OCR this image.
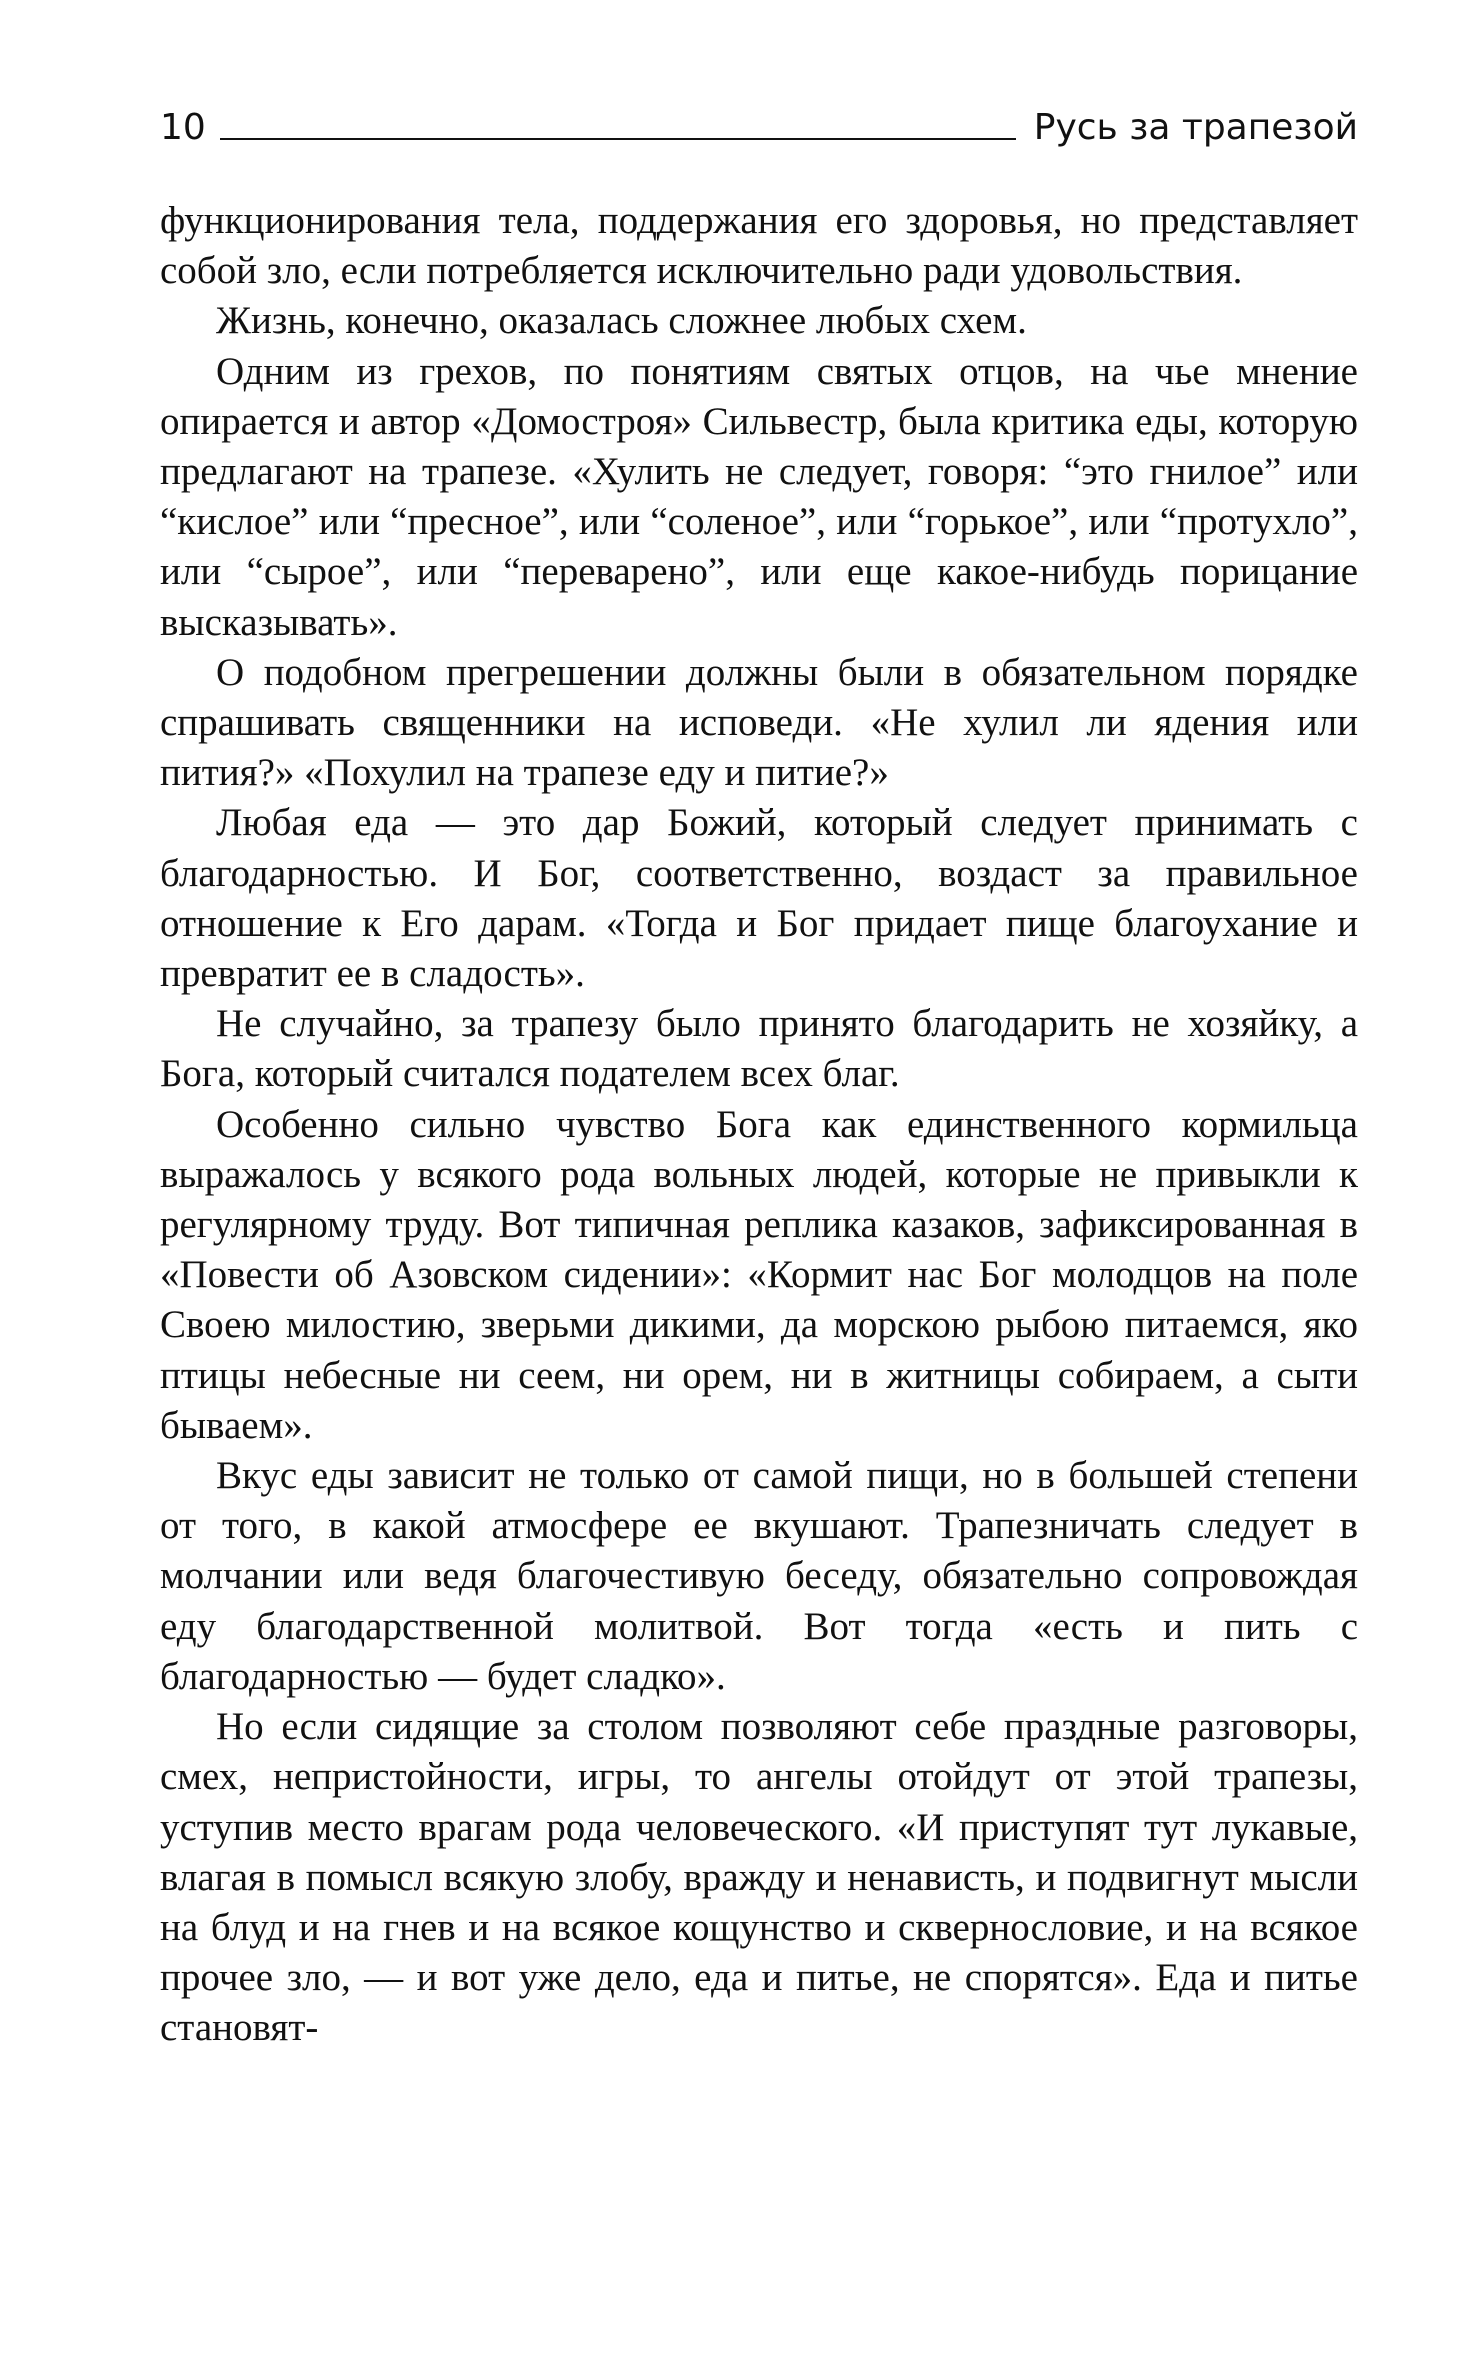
10	Русь за трапезой

функционирования тела, поддержания его здоровья, но представляет собой зло, если потребляется исключительно ради удовольствия.

Жизнь, конечно, оказалась сложнее любых схем.

Одним из грехов, по понятиям святых отцов, на чье мнение опирается и автор «Домостроя» Сильвестр, была критика еды, которую предлагают на трапезе. «Хулить не следует, говоря: “это гнилое” или “кислое” или “пресное”, или “соленое”, или “горькое”, или “протухло”, или “сырое”, или “переварено”, или еще какое-нибудь порицание высказывать».

О подобном прегрешении должны были в обязательном порядке спрашивать священники на исповеди. «Не хулил ли ядения или пития?» «Похулил на трапезе еду и питие?»

Любая еда — это дар Божий, который следует принимать с благодарностью. И Бог, соответственно, воздаст за правильное отношение к Его дарам. «Тогда и Бог придает пище благоухание и превратит ее в сладость».

Не случайно, за трапезу было принято благодарить не хозяйку, а Бога, который считался подателем всех благ.

Особенно сильно чувство Бога как единственного кормильца выражалось у всякого рода вольных людей, которые не привыкли к регулярному труду. Вот типичная реплика казаков, зафиксированная в «Повести об Азовском сидении»: «Кормит нас Бог молодцов на поле Своею милостию, зверьми дикими, да морскою рыбою питаемся, яко птицы небесные ни сеем, ни орем, ни в житницы собираем, а сыти бываем».

Вкус еды зависит не только от самой пищи, но в большей степени от того, в какой атмосфере ее вкушают. Трапезничать следует в молчании или ведя благочестивую беседу, обязательно сопровождая еду благодарственной молитвой. Вот тогда «есть и пить с благодарностью — будет сладко».

Но если сидящие за столом позволяют себе праздные разговоры, смех, непристойности, игры, то ангелы отойдут от этой трапезы, уступив место врагам рода человеческого. «И приступят тут лукавые, влагая в помысл всякую злобу, вражду и ненависть, и подвигнут мысли на блуд и на гнев и на всякое кощунство и сквернословие, и на всякое прочее зло, — и вот уже дело, еда и питье, не спорятся». Еда и питье становят-
